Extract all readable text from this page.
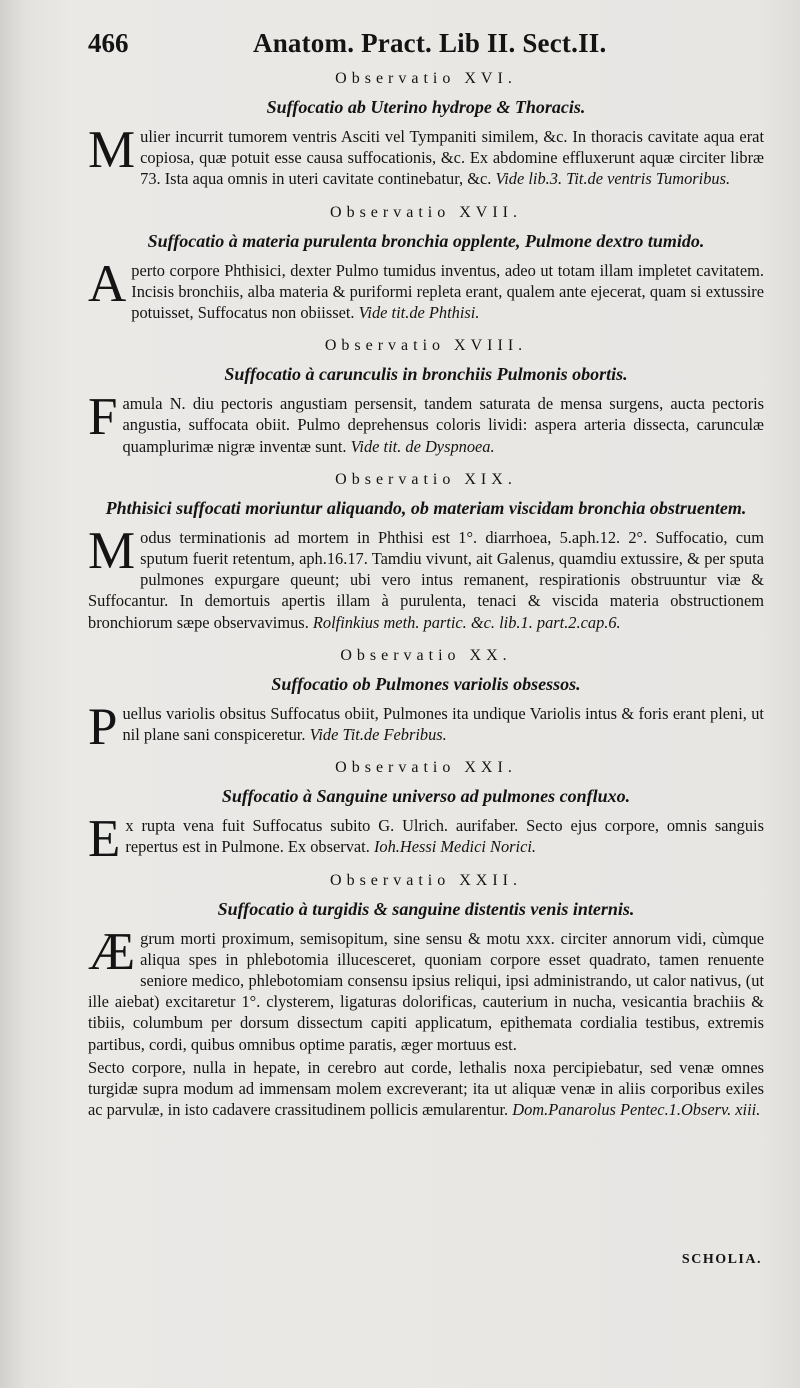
466	Anatom. Pract. Lib II. Sect.II.
Observatio XVI.
Suffocatio ab Uterino hydrope & Thoracis.
Mulier incurrit tumorem ventris Asciti vel Tympaniti similem, &c. In thoracis cavitate aqua erat copiosa, quæ potuit esse causa suffocationis, &c. Ex abdomine effluxerunt aquæ circiter libræ 73. Ista aqua omnis in uteri cavitate continebatur, &c. Vide lib.3. Tit.de ventris Tumoribus.
Observatio XVII.
Suffocatio à materia purulenta bronchia opplente, Pulmone dextro tumido.
Aperto corpore Phthisici, dexter Pulmo tumidus inventus, adeo ut totam illam impletet cavitatem. Incisis bronchiis, alba materia & puriformi repleta erant, qualem ante ejecerat, quam si extussire potuisset, Suffocatus non obiisset. Vide tit.de Phthisi.
Observatio XVIII.
Suffocatio à carunculis in bronchiis Pulmonis obortis.
Famula N. diu pectoris angustiam persensit, tandem saturata de mensa surgens, aucta pectoris angustia, suffocata obiit. Pulmo deprehensus coloris lividi: aspera arteria dissecta, carunculæ quamplurimæ nigræ inventæ sunt. Vide tit. de Dyspnoea.
Observatio XIX.
Phthisici suffocati moriuntur aliquando, ob materiam viscidam bronchia obstruentem.
Modus terminationis ad mortem in Phthisi est 1°. diarrhoea, 5.aph.12. 2°. Suffocatio, cum sputum fuerit retentum, aph.16.17. Tamdiu vivunt, ait Galenus, quamdiu extussire, & per sputa pulmones expurgare queunt; ubi vero intus remanent, respirationis obstruuntur viæ & Suffocantur. In demortuis apertis illam à purulenta, tenaci & viscida materia obstructionem bronchiorum sæpe observavimus. Rolfinkius meth. partic. &c. lib.1. part.2.cap.6.
Observatio XX.
Suffocatio ob Pulmones variolis obsessos.
Puellus variolis obsitus Suffocatus obiit, Pulmones ita undique Variolis intus & foris erant pleni, ut nil plane sani conspiceretur. Vide Tit.de Febribus.
Observatio XXI.
Suffocatio à Sanguine universo ad pulmones confluxo.
Ex rupta vena fuit Suffocatus subito G. Ulrich. aurifaber. Secto ejus corpore, omnis sanguis repertus est in Pulmone. Ex observat. Ioh.Hessi Medici Norici.
Observatio XXII.
Suffocatio à turgidis & sanguine distentis venis internis.
Ægrum morti proximum, semisopitum, sine sensu & motu xxx. circiter annorum vidi, cùmque aliqua spes in phlebotomia illucesceret, quoniam corpore esset quadrato, tamen renuente seniore medico, phlebotomiam consensu ipsius reliqui, ipsi administrando, ut calor nativus, (ut ille aiebat) excitaretur 1°. clysterem, ligaturas dolorificas, cauterium in nucha, vesicantia brachiis & tibiis, columbum per dorsum dissectum capiti applicatum, epithemata cordialia testibus, extremis partibus, cordi, quibus omnibus optime paratis, æger mortuus est.
Secto corpore, nulla in hepate, in cerebro aut corde, lethalis noxa percipiebatur, sed venæ omnes turgidæ supra modum ad immensam molem excreverant; ita ut aliquæ venæ in aliis corporibus exiles ac parvulæ, in isto cadavere crassitudinem pollicis æmularentur. Dom.Panarolus Pentec.1.Observ. xiii.
SCHOLIA.
